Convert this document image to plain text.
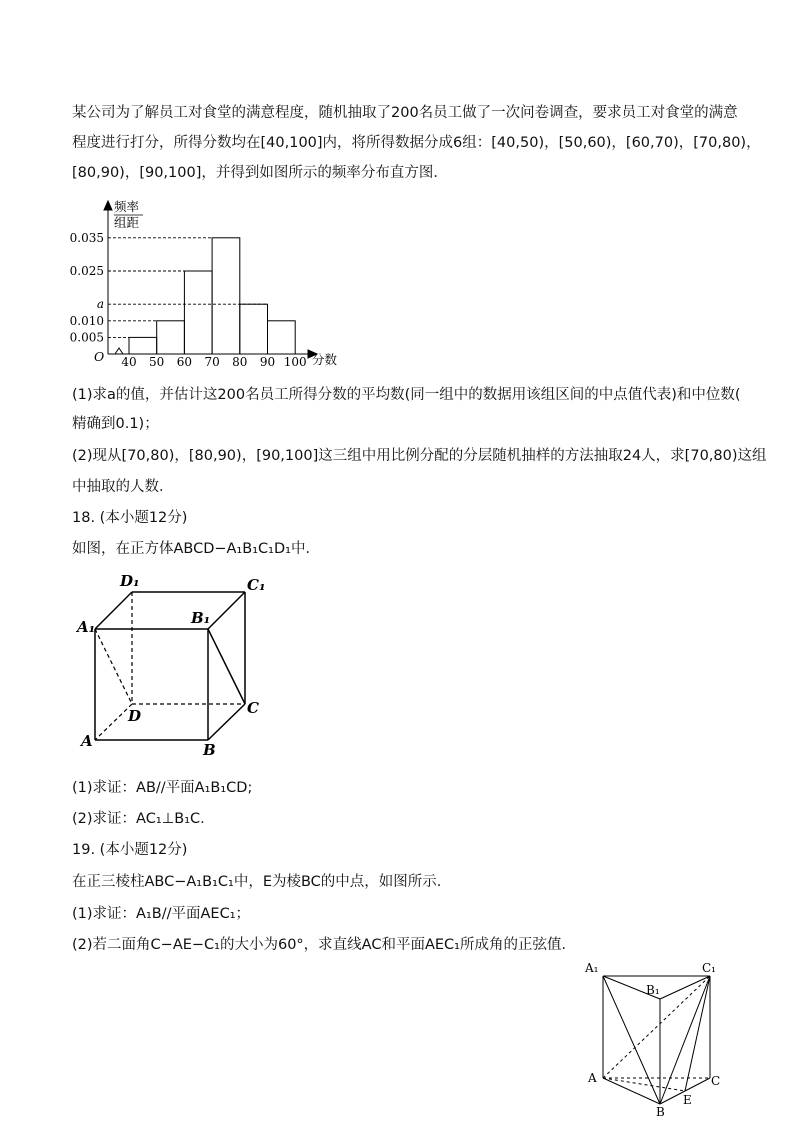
某公司为了解员工对食堂的满意程度，随机抽取了200名员工做了一次问卷调查，要求员工对食堂的满意
程度进行打分，所得分数均在[40,100]内，将所得数据分成6组：[40,50)，[50,60)，[60,70)，[70,80)，
[80,90)，[90,100]，并得到如图所示的频率分布直方图．
频率
组距
O	分数
0.005
0.010
a
0.025
0.035
40 50 60 70 80 90 100
(1)求a的值，并估计这200名员工所得分数的平均数(同一组中的数据用该组区间的中点值代表)和中位数(
精确到0.1)；
(2)现从[70,80)，[80,90)，[90,100]这三组中用比例分配的分层随机抽样的方法抽取24人，求[70,80)这组
中抽取的人数．
18. (本小题12分)
如图，在正方体ABCD−A₁B₁C₁D₁中．
D₁	C₁
A₁	B₁
D	C
A	B
(1)求证：AB//平面A₁B₁CD;
(2)求证：AC₁⊥B₁C.
19. (本小题12分)
在正三棱柱ABC−A₁B₁C₁中，E为棱BC的中点，如图所示．
(1)求证：A₁B//平面AEC₁；
(2)若二面角C−AE−C₁的大小为60°，求直线AC和平面AEC₁所成角的正弦值．
A₁	C₁
B₁
A	C
E
B
